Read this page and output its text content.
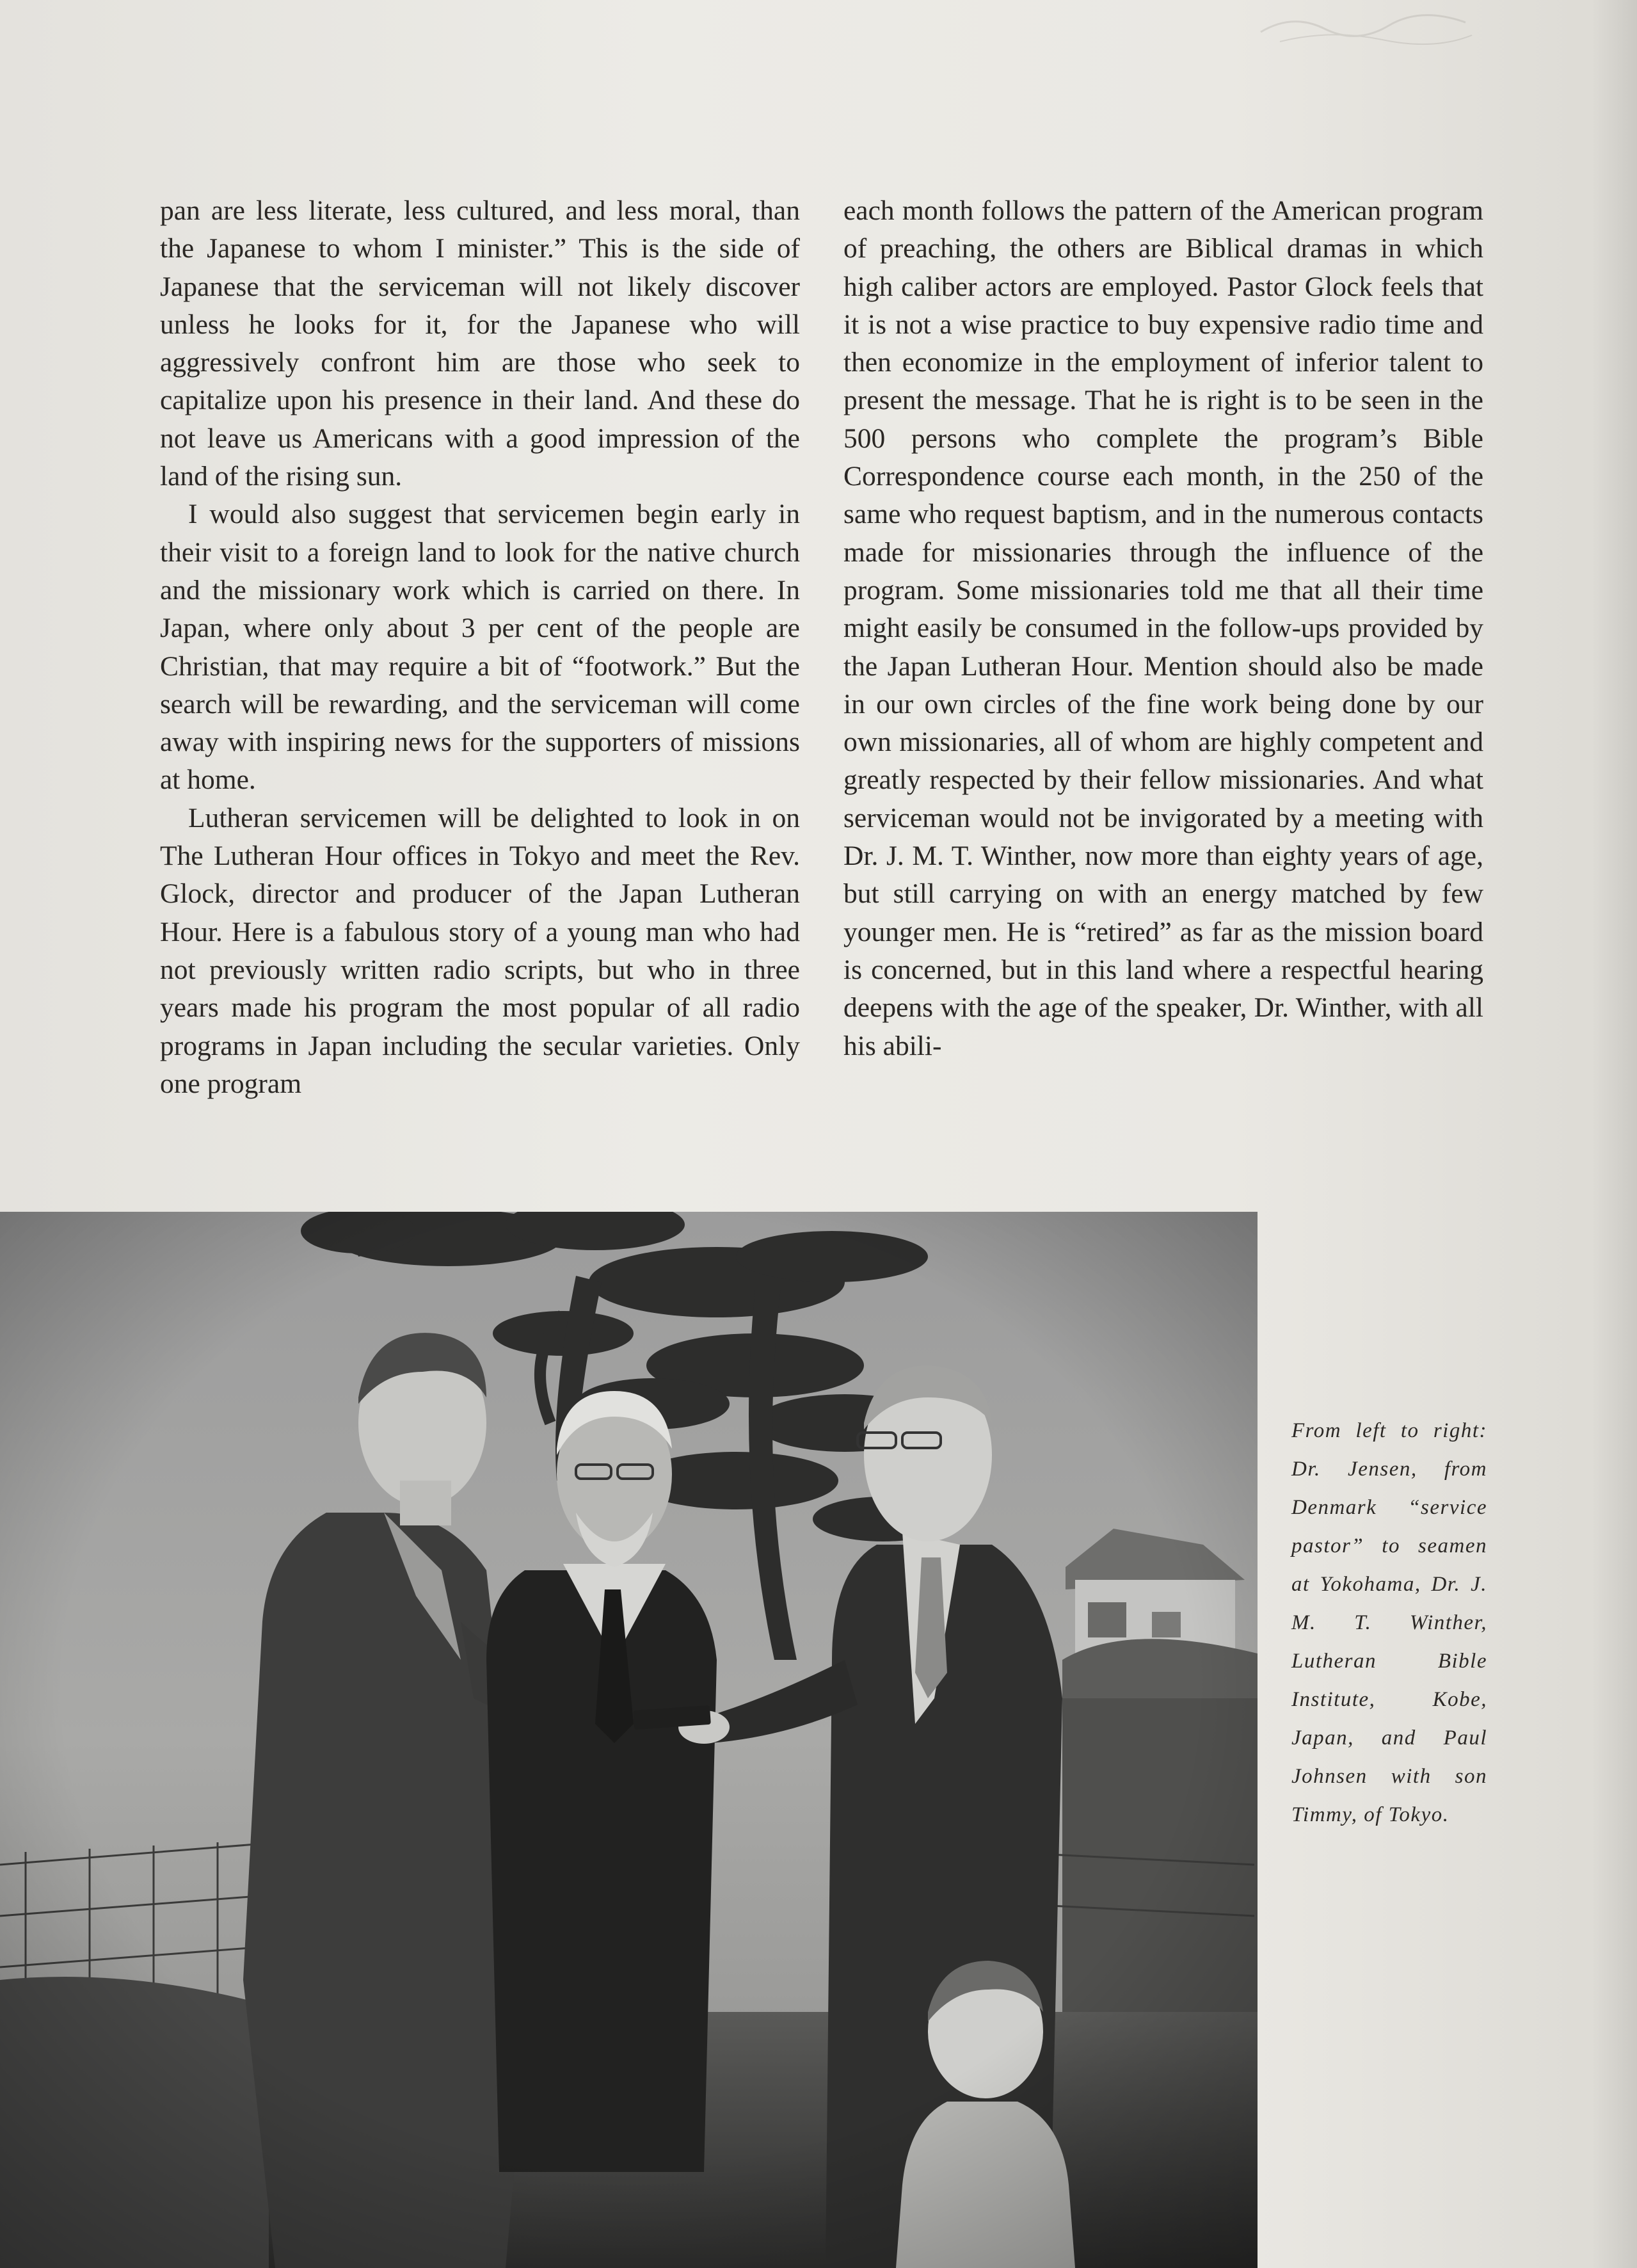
pan are less literate, less cultured, and less moral, than the Japanese to whom I minister.” This is the side of Japanese that the serviceman will not likely discover unless he looks for it, for the Japanese who will aggressively confront him are those who seek to capitalize upon his presence in their land. And these do not leave us Americans with a good impression of the land of the rising sun.

I would also suggest that servicemen begin early in their visit to a foreign land to look for the native church and the missionary work which is carried on there. In Japan, where only about 3 per cent of the people are Christian, that may require a bit of “footwork.” But the search will be rewarding, and the serviceman will come away with inspiring news for the supporters of missions at home.

Lutheran servicemen will be delighted to look in on The Lutheran Hour offices in Tokyo and meet the Rev. Glock, director and producer of the Japan Lutheran Hour. Here is a fabulous story of a young man who had not previously written radio scripts, but who in three years made his program the most popular of all radio programs in Japan including the secular varieties. Only one program

each month follows the pattern of the American program of preaching, the others are Biblical dramas in which high caliber actors are employed. Pastor Glock feels that it is not a wise practice to buy expensive radio time and then economize in the employment of inferior talent to present the message. That he is right is to be seen in the 500 persons who complete the program’s Bible Correspondence course each month, in the 250 of the same who request baptism, and in the numerous contacts made for missionaries through the influence of the program. Some missionaries told me that all their time might easily be consumed in the follow-ups provided by the Japan Lutheran Hour. Mention should also be made in our own circles of the fine work being done by our own missionaries, all of whom are highly competent and greatly respected by their fellow missionaries. And what serviceman would not be invigorated by a meeting with Dr. J. M. T. Winther, now more than eighty years of age, but still carrying on with an energy matched by few younger men. He is “retired” as far as the mission board is concerned, but in this land where a respectful hearing deepens with the age of the speaker, Dr. Winther, with all his abili-

From left to right: Dr. Jensen, from Denmark “service pastor” to seamen at Yokohama, Dr. J. M. T. Winther, Lutheran Bible Institute, Kobe, Japan, and Paul Johnsen with son Timmy, of Tokyo.
